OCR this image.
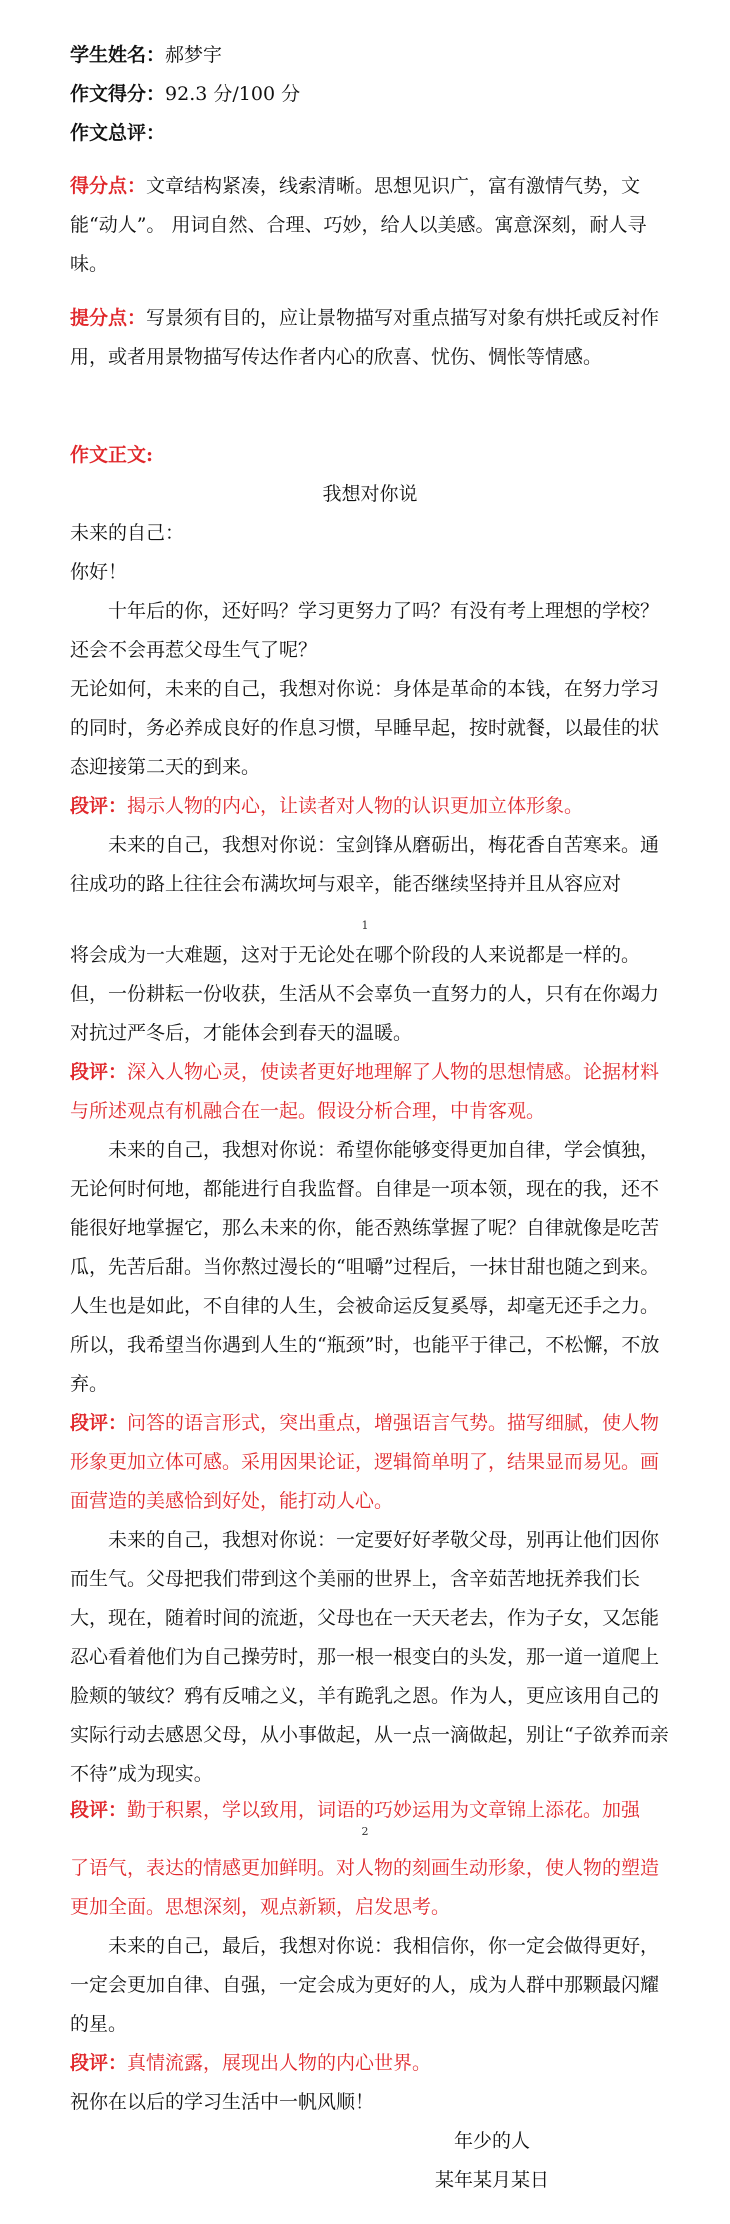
学生姓名：郝梦宇
作文得分：92.3 分/100 分
作文总评：
得分点：文章结构紧凑，线索清晰。思想见识广，富有激情气势，文能“动人”。 用词自然、合理、巧妙，给人以美感。寓意深刻，耐人寻味。
提分点：写景须有目的，应让景物描写对重点描写对象有烘托或反衬作用，或者用景物描写传达作者内心的欣喜、忧伤、惆怅等情感。
作文正文:
我想对你说
未来的自己：
你好！
十年后的你，还好吗？学习更努力了吗？有没有考上理想的学校？还会不会再惹父母生气了呢？
无论如何，未来的自己，我想对你说：身体是革命的本钱，在努力学习的同时，务必养成良好的作息习惯，早睡早起，按时就餐，以最佳的状态迎接第二天的到来。
段评：揭示人物的内心，让读者对人物的认识更加立体形象。
未来的自己，我想对你说：宝剑锋从磨砺出，梅花香自苦寒来。通往成功的路上往往会布满坎坷与艰辛，能否继续坚持并且从容应对
1
将会成为一大难题，这对于无论处在哪个阶段的人来说都是一样的。但，一份耕耘一份收获，生活从不会辜负一直努力的人，只有在你竭力对抗过严冬后，才能体会到春天的温暖。
段评：深入人物心灵，使读者更好地理解了人物的思想情感。论据材料与所述观点有机融合在一起。假设分析合理，中肯客观。
未来的自己，我想对你说：希望你能够变得更加自律，学会慎独，无论何时何地，都能进行自我监督。自律是一项本领，现在的我，还不能很好地掌握它，那么未来的你，能否熟练掌握了呢？自律就像是吃苦瓜，先苦后甜。当你熬过漫长的“咀嚼”过程后，一抹甘甜也随之到来。人生也是如此，不自律的人生，会被命运反复奚辱，却毫无还手之力。所以，我希望当你遇到人生的“瓶颈”时，也能平于律己，不松懈，不放弃。
段评：问答的语言形式，突出重点，增强语言气势。描写细腻，使人物形象更加立体可感。采用因果论证，逻辑简单明了，结果显而易见。画面营造的美感恰到好处，能打动人心。
未来的自己，我想对你说：一定要好好孝敬父母，别再让他们因你而生气。父母把我们带到这个美丽的世界上，含辛茹苦地抚养我们长大，现在，随着时间的流逝，父母也在一天天老去，作为子女，又怎能忍心看着他们为自己操劳时，那一根一根变白的头发，那一道一道爬上脸颊的皱纹？鸦有反哺之义，羊有跪乳之恩。作为人，更应该用自己的实际行动去感恩父母，从小事做起，从一点一滴做起，别让“子欲养而亲不待”成为现实。
段评：勤于积累，学以致用，词语的巧妙运用为文章锦上添花。加强
2
了语气，表达的情感更加鲜明。对人物的刻画生动形象，使人物的塑造更加全面。思想深刻，观点新颖，启发思考。
未来的自己，最后，我想对你说：我相信你，你一定会做得更好，一定会更加自律、自强，一定会成为更好的人，成为人群中那颗最闪耀的星。
段评：真情流露，展现出人物的内心世界。
祝你在以后的学习生活中一帆风顺！
年少的人
某年某月某日
